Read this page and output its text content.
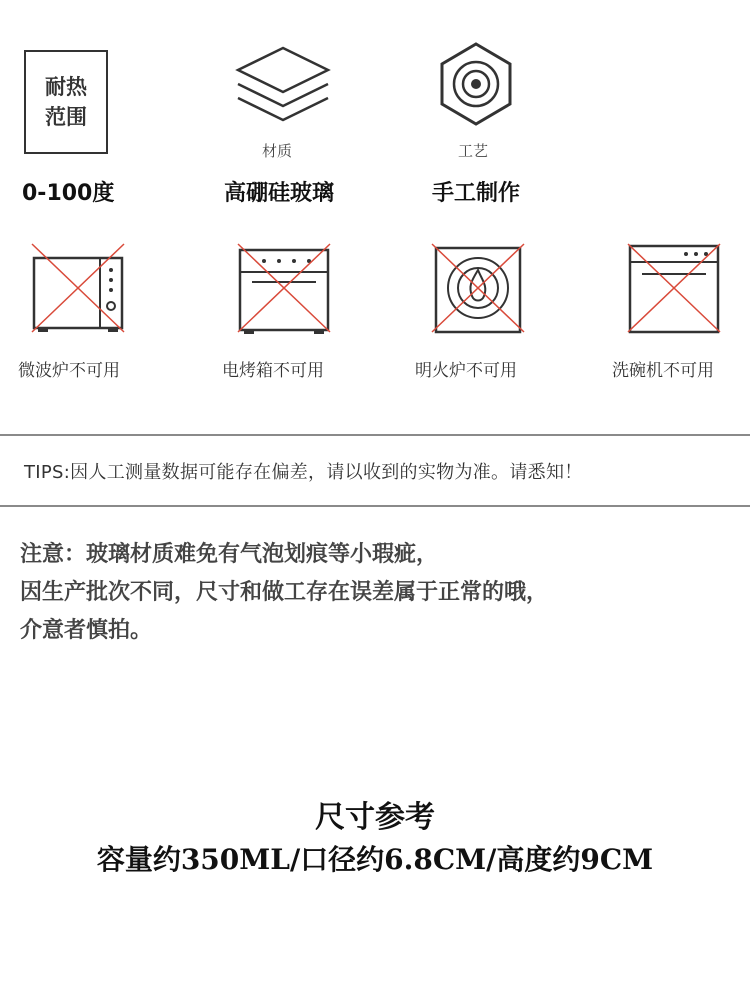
耐热范围
0-100度
材质
高硼硅玻璃
工艺
手工制作
微波炉不可用	电烤箱不可用	明火炉不可用	洗碗机不可用
TIPS:因人工测量数据可能存在偏差，请以收到的实物为准。请悉知！
注意：玻璃材质难免有气泡划痕等小瑕疵，
因生产批次不同，尺寸和做工存在误差属于正常的哦，
介意者慎拍。
尺寸参考
容量约350ML/口径约6.8CM/高度约9CM
